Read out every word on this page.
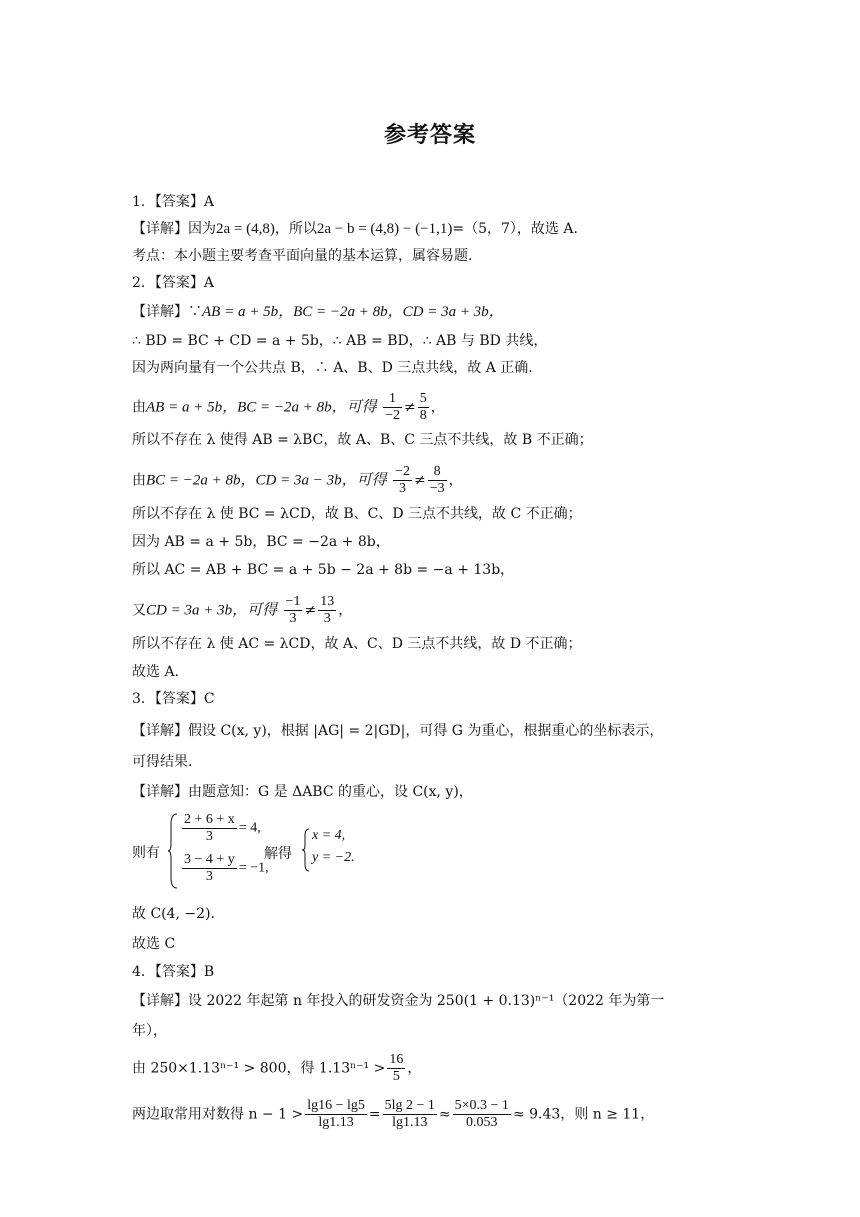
参考答案
1．【答案】A
【详解】因为2a = (4,8)，所以2a − b = (4,8) − (−1,1)=（5，7），故选 A.
考点：本小题主要考查平面向量的基本运算，属容易题.
2．【答案】A
【详解】∵AB = a + 5b，BC = −2a + 8b，CD = 3a + 3b，
∴ BD = BC + CD = a + 5b，∴ AB = BD，∴ AB 与 BD 共线，
因为两向量有一个公共点 B，∴ A、B、D 三点共线，故 A 正确.
由AB = a + 5b，BC = −2a + 8b，可得 $\frac{1}{-2} \ne \frac{5}{8}$ ，
所以不存在 λ 使得 AB = λBC，故 A、B、C 三点不共线，故 B 不正确；
由BC = −2a + 8b，CD = 3a − 3b，可得 $\frac{-2}{3} \ne \frac{8}{-3}$ ，
所以不存在 λ 使 BC = λCD，故 B、C、D 三点不共线，故 C 不正确；
因为 AB = a + 5b，BC = −2a + 8b，
所以 AC = AB + BC = a + 5b − 2a + 8b = −a + 13b，
又CD = 3a + 3b，可得 $\frac{-1}{3} \ne \frac{13}{3}$ ，
所以不存在 λ 使 AC = λCD，故 A、C、D 三点不共线，故 D 不正确；
故选 A.
3．【答案】C
【详解】假设 C(x, y)，根据 |AG| = 2|GD|，可得 G 为重心，根据重心的坐标表示，
可得结果.
【详解】由题意知：G 是 ΔABC 的重心，设 C(x, y)，
则有
$\frac{2 + 6 + x}{3} = 4$,
$\frac{3 - 4 + y}{3} = -1$,
解得
x = 4,
y = −2.
故 C(4, −2).
故选 C
4．【答案】B
【详解】设 2022 年起第 n 年投入的研发资金为 250(1 + 0.13)ⁿ⁻¹（2022 年为第一
年），
由 250×1.13ⁿ⁻¹ > 800，得 $1.13^{n-1} > \frac{16}{5}$ ，
两边取常用对数得 $n - 1 > \frac{\lg 16 - \lg 5}{\lg 1.13} = \frac{5\lg 2 - 1}{\lg 1.13} \approx \frac{5\times 0.3 - 1}{0.053} \approx 9.43$，则 n ≥ 11，
